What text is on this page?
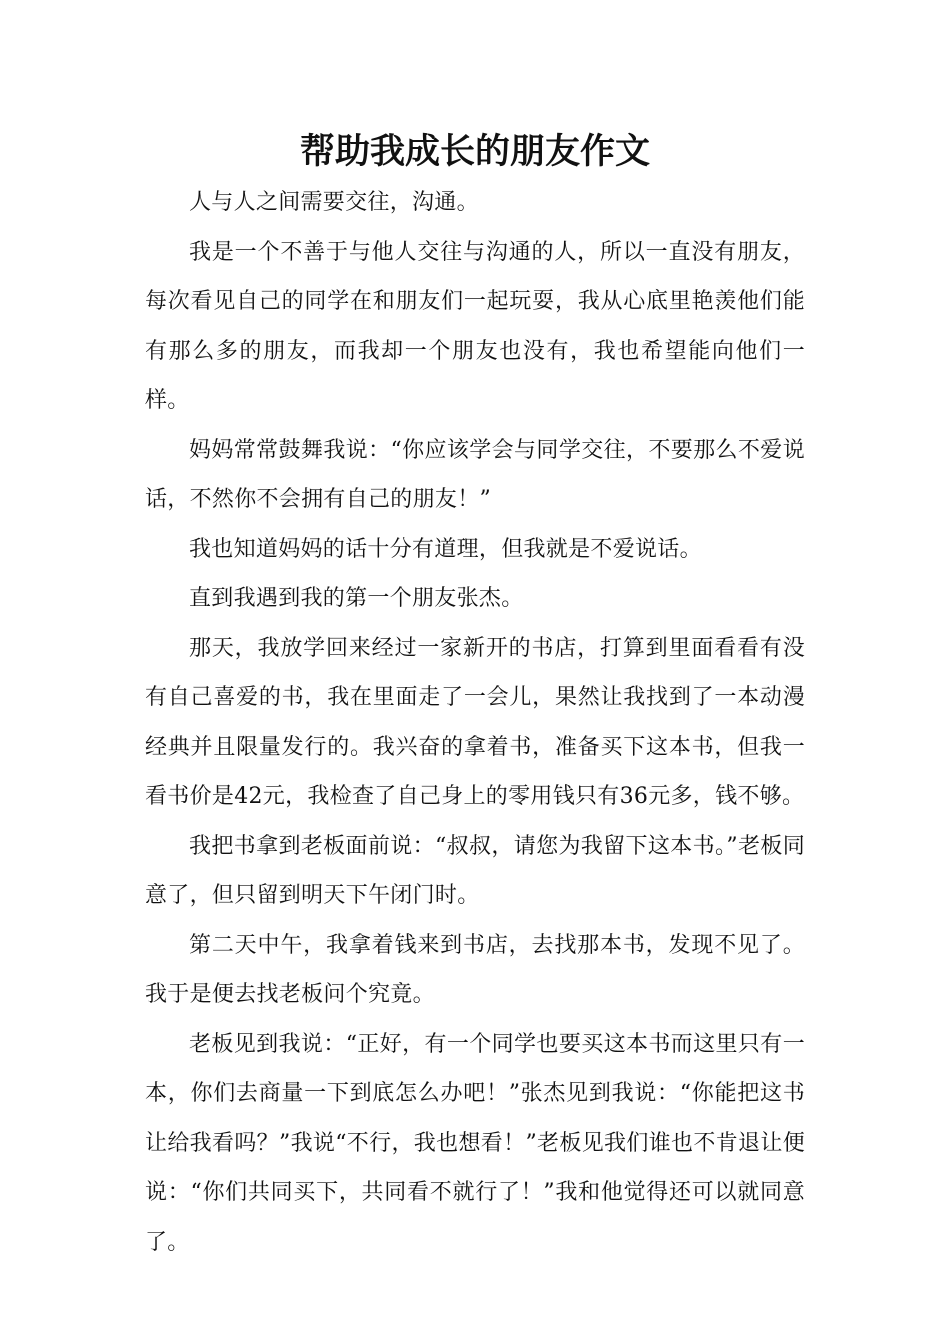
帮助我成长的朋友作文

人与人之间需要交往，沟通。

我是一个不善于与他人交往与沟通的人，所以一直没有朋友，每次看见自己的同学在和朋友们一起玩耍，我从心底里艳羡他们能有那么多的朋友，而我却一个朋友也没有，我也希望能向他们一样。

妈妈常常鼓舞我说：“你应该学会与同学交往，不要那么不爱说话，不然你不会拥有自己的朋友！”

我也知道妈妈的话十分有道理，但我就是不爱说话。

直到我遇到我的第一个朋友张杰。

那天，我放学回来经过一家新开的书店，打算到里面看看有没有自己喜爱的书，我在里面走了一会儿，果然让我找到了一本动漫经典并且限量发行的。我兴奋的拿着书，准备买下这本书，但我一看书价是42元，我检查了自己身上的零用钱只有36元多，钱不够。

我把书拿到老板面前说：“叔叔，请您为我留下这本书。”老板同意了，但只留到明天下午闭门时。

第二天中午，我拿着钱来到书店，去找那本书，发现不见了。我于是便去找老板问个究竟。

老板见到我说：“正好，有一个同学也要买这本书而这里只有一本，你们去商量一下到底怎么办吧！”张杰见到我说：“你能把这书让给我看吗？”我说“不行，我也想看！”老板见我们谁也不肯退让便说：“你们共同买下，共同看不就行了！”我和他觉得还可以就同意了。
